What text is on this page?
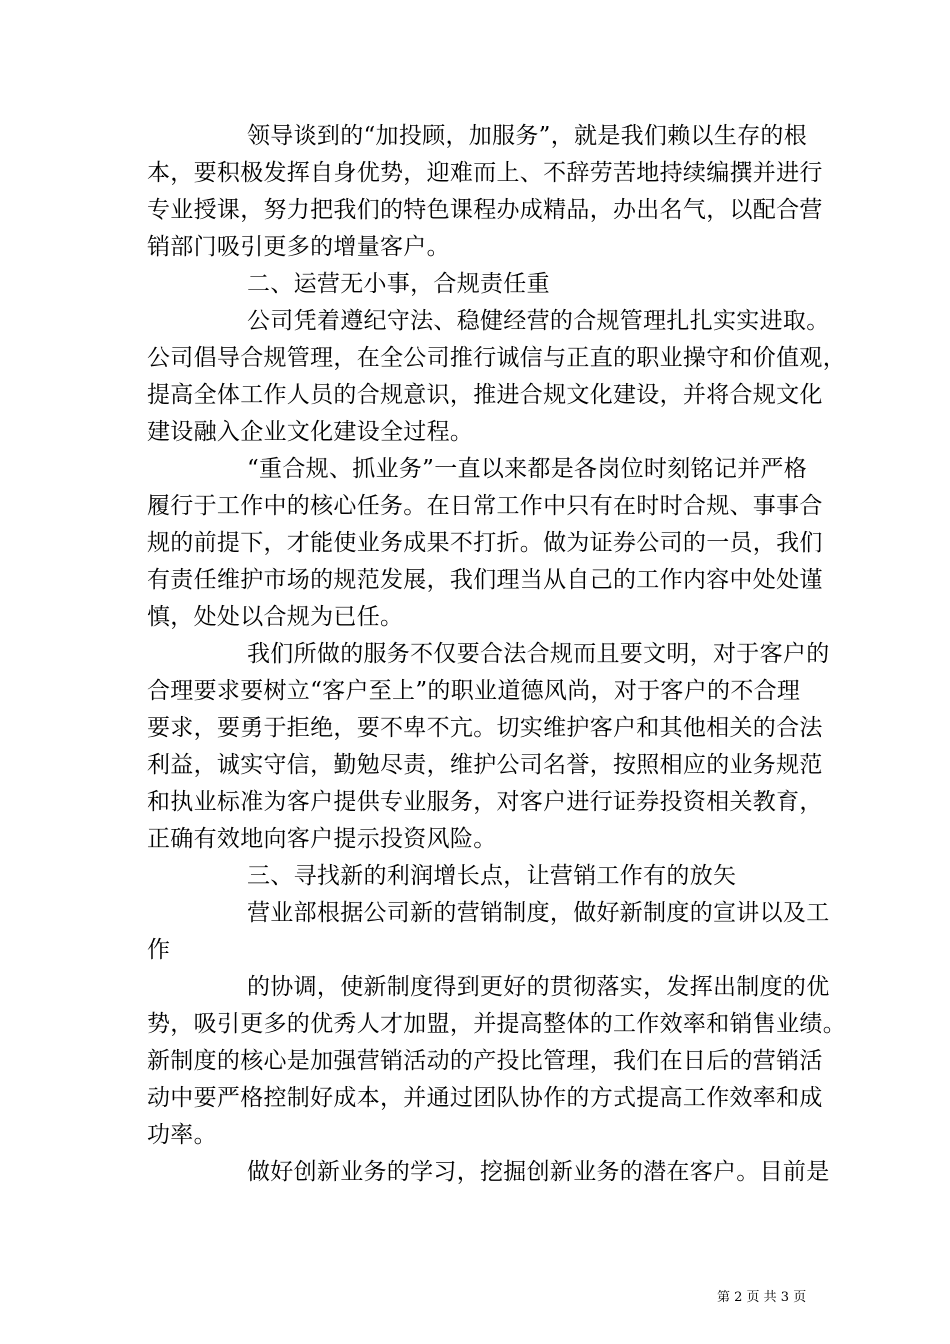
领导谈到的“加投顾，加服务”，就是我们赖以生存的根
本，要积极发挥自身优势，迎难而上、不辞劳苦地持续编撰并进行
专业授课，努力把我们的特色课程办成精品，办出名气，以配合营
销部门吸引更多的增量客户。
二、运营无小事，合规责任重
公司凭着遵纪守法、稳健经营的合规管理扎扎实实进取。
公司倡导合规管理，在全公司推行诚信与正直的职业操守和价值观，
提高全体工作人员的合规意识，推进合规文化建设，并将合规文化
建设融入企业文化建设全过程。
“重合规、抓业务”一直以来都是各岗位时刻铭记并严格
履行于工作中的核心任务。在日常工作中只有在时时合规、事事合
规的前提下，才能使业务成果不打折。做为证券公司的一员，我们
有责任维护市场的规范发展，我们理当从自己的工作内容中处处谨
慎，处处以合规为已任。
我们所做的服务不仅要合法合规而且要文明，对于客户的
合理要求要树立“客户至上”的职业道德风尚，对于客户的不合理
要求，要勇于拒绝，要不卑不亢。切实维护客户和其他相关的合法
利益，诚实守信，勤勉尽责，维护公司名誉，按照相应的业务规范
和执业标准为客户提供专业服务，对客户进行证券投资相关教育，
正确有效地向客户提示投资风险。
三、寻找新的利润增长点，让营销工作有的放矢
营业部根据公司新的营销制度，做好新制度的宣讲以及工
作
的协调，使新制度得到更好的贯彻落实，发挥出制度的优
势，吸引更多的优秀人才加盟，并提高整体的工作效率和销售业绩。
新制度的核心是加强营销活动的产投比管理，我们在日后的营销活
动中要严格控制好成本，并通过团队协作的方式提高工作效率和成
功率。
做好创新业务的学习，挖掘创新业务的潜在客户。目前是
第 2 页 共 3 页
